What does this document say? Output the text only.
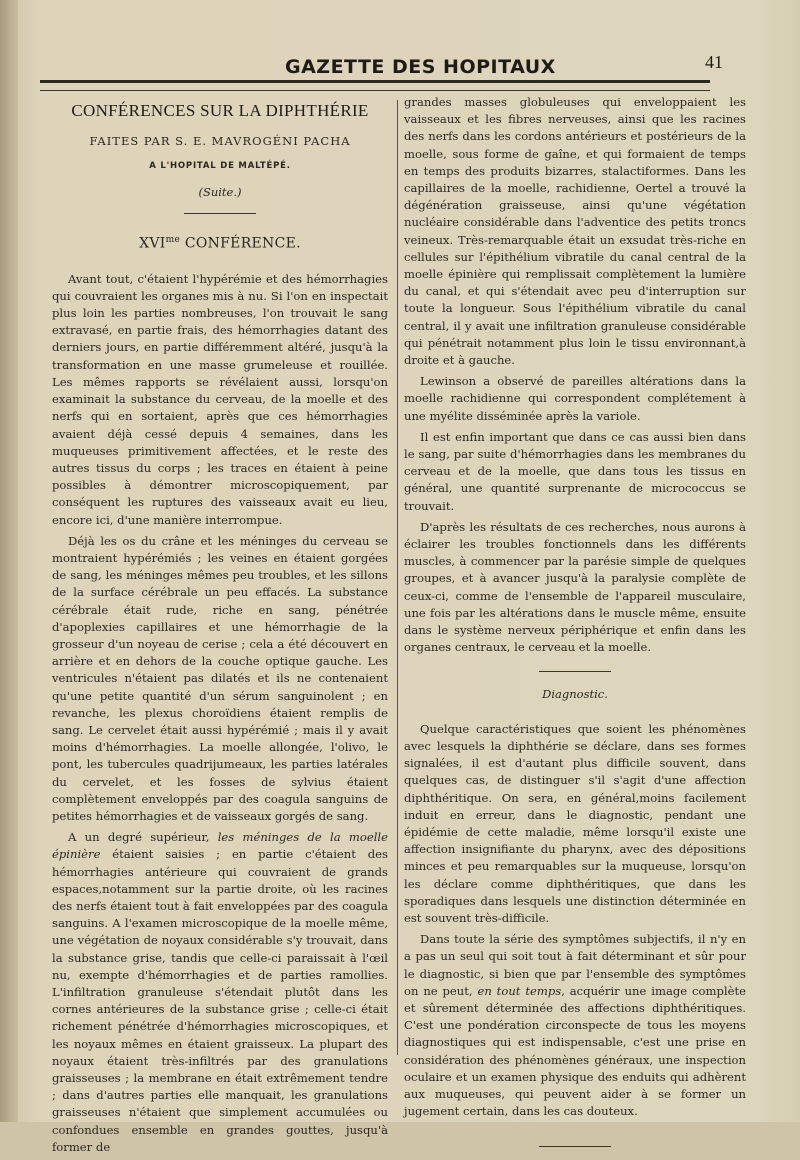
GAZETTE DES HOPITAUX	41
CONFÉRENCES SUR LA DIPHTHÉRIE
FAITES PAR S. E. MAVROGÉNI PACHA
A L'HOPITAL DE MALTÉPÉ.
(Suite.)
$XVI^{me}$ CONFÉRENCE.

Avant tout, c'étaient l'hypérémie et des hémorrhagies qui couvraient les organes mis à nu. Si l'on en inspectait plus loin les parties nombreuses, l'on trouvait le sang extravasé, en partie frais, des hémorrhagies datant des derniers jours, en partie différemment altéré, jusqu'à la transformation en une masse grumeleuse et rouillée. Les mêmes rapports se révélaient aussi, lorsqu'on examinait la substance du cerveau, de la moelle et des nerfs qui en sortaient, après que ces hémorrhagies avaient déjà cessé depuis 4 semaines, dans les muqueuses primitivement affectées, et le reste des autres tissus du corps ; les traces en étaient à peine possibles à démontrer microscopiquement, par conséquent les ruptures des vaisseaux avait eu lieu, encore ici, d'une manière interrompue.

Déjà les os du crâne et les méninges du cerveau se montraient hypérémiés ; les veines en étaient gorgées de sang, les méninges mêmes peu troubles, et les sillons de la surface cérébrale un peu effacés. La substance cérébrale était rude, riche en sang, pénétrée d'apoplexies capillaires et une hémorrhagie de la grosseur d'un noyeau de cerise ; cela a été découvert en arrière et en dehors de la couche optique gauche. Les ventricules n'étaient pas dilatés et ils ne contenaient qu'une petite quantité d'un sérum sanguinolent ; en revanche, les plexus choroïdiens étaient remplis de sang. Le cervelet était aussi hypérémié ; mais il y avait moins d'hémorrhagies. La moelle allongée, l'olivo, le pont, les tubercules quadrijumeaux, les parties latérales du cervelet, et les fosses de sylvius étaient complètement enveloppés par des coagula sanguins de petites hémorrhagies et de vaisseaux gorgés de sang.

A un degré supérieur, les méninges de la moelle épinière étaient saisies ; en partie c'étaient des hémorrhagies antérieure qui couvraient de grands espaces,notamment sur la partie droite, où les racines des nerfs étaient tout à fait enveloppées par des coagula sanguins. A l'examen microscopique de la moelle même, une végétation de noyaux considérable s'y trouvait, dans la substance grise, tandis que celle-ci paraissait à l'œil nu, exempte d'hémorrhagies et de parties ramollies. L'infiltration granuleuse s'étendait plutôt dans les cornes antérieures de la substance grise ; celle-ci était richement pénétrée d'hémorrhagies microscopiques, et les noyaux mêmes en étaient graisseux. La plupart des noyaux étaient très-infiltrés par des granulations graisseuses ; la membrane en était extrêmement tendre ; dans d'autres parties elle manquait, les granulations graisseuses n'étaient que simplement accumulées ou confondues ensemble en grandes gouttes, jusqu'à former de

grandes masses globuleuses qui enveloppaient les vaisseaux et les fibres nerveuses, ainsi que les racines des nerfs dans les cordons antérieurs et postérieurs de la moelle, sous forme de gaîne, et qui formaient de temps en temps des produits bizarres, stalactiformes. Dans les capillaires de la moelle, rachidienne, Oertel a trouvé la dégénération graisseuse, ainsi qu'une végétation nucléaire considérable dans l'adventice des petits troncs veineux. Très-remarquable était un exsudat très-riche en cellules sur l'épithélium vibratile du canal central de la moelle épinière qui remplissait complètement la lumière du canal, et qui s'étendait avec peu d'interruption sur toute la longueur. Sous l'épithélium vibratile du canal central, il y avait une infiltration granuleuse considérable qui pénétrait notamment plus loin le tissu environnant,à droite et à gauche.

Lewinson a observé de pareilles altérations dans la moelle rachidienne qui correspondent complétement à une myélite disséminée après la variole.

Il est enfin important que dans ce cas aussi bien dans le sang, par suite d'hémorrhagies dans les membranes du cerveau et de la moelle, que dans tous les tissus en général, une quantité surprenante de micrococcus se trouvait.

D'après les résultats de ces recherches, nous aurons à éclairer les troubles fonctionnels dans les différents muscles, à commencer par la parésie simple de quelques groupes, et à avancer jusqu'à la paralysie complète de ceux-ci, comme de l'ensemble de l'appareil musculaire, une fois par les altérations dans le muscle même, ensuite dans le système nerveux périphérique et enfin dans les organes centraux, le cerveau et la moelle.

Diagnostic.

Quelque caractéristiques que soient les phénomènes avec lesquels la diphthérie se déclare, dans ses formes signalées, il est d'autant plus difficile souvent, dans quelques cas, de distinguer s'il s'agit d'une affection diphthéritique. On sera, en général,moins facilement induit en erreur, dans le diagnostic, pendant une épidémie de cette maladie, même lorsqu'il existe une affection insignifiante du pharynx, avec des dépositions minces et peu remarquables sur la muqueuse, lorsqu'on les déclare comme diphthéritiques, que dans les sporadiques dans lesquels une distinction déterminée en est souvent très-difficile.

Dans toute la série des symptômes subjectifs, il n'y en a pas un seul qui soit tout à fait déterminant et sûr pour le diagnostic, si bien que par l'ensemble des symptômes on ne peut, en tout temps, acquérir une image complète et sûrement déterminée des affections diphthéritiques. C'est une pondération circonspecte de tous les moyens diagnostiques qui est indispensable, c'est une prise en considération des phénomènes généraux, une inspection oculaire et un examen physique des enduits qui adhèrent aux muqueuses, qui peuvent aider à se former un jugement certain, dans les cas douteux.
